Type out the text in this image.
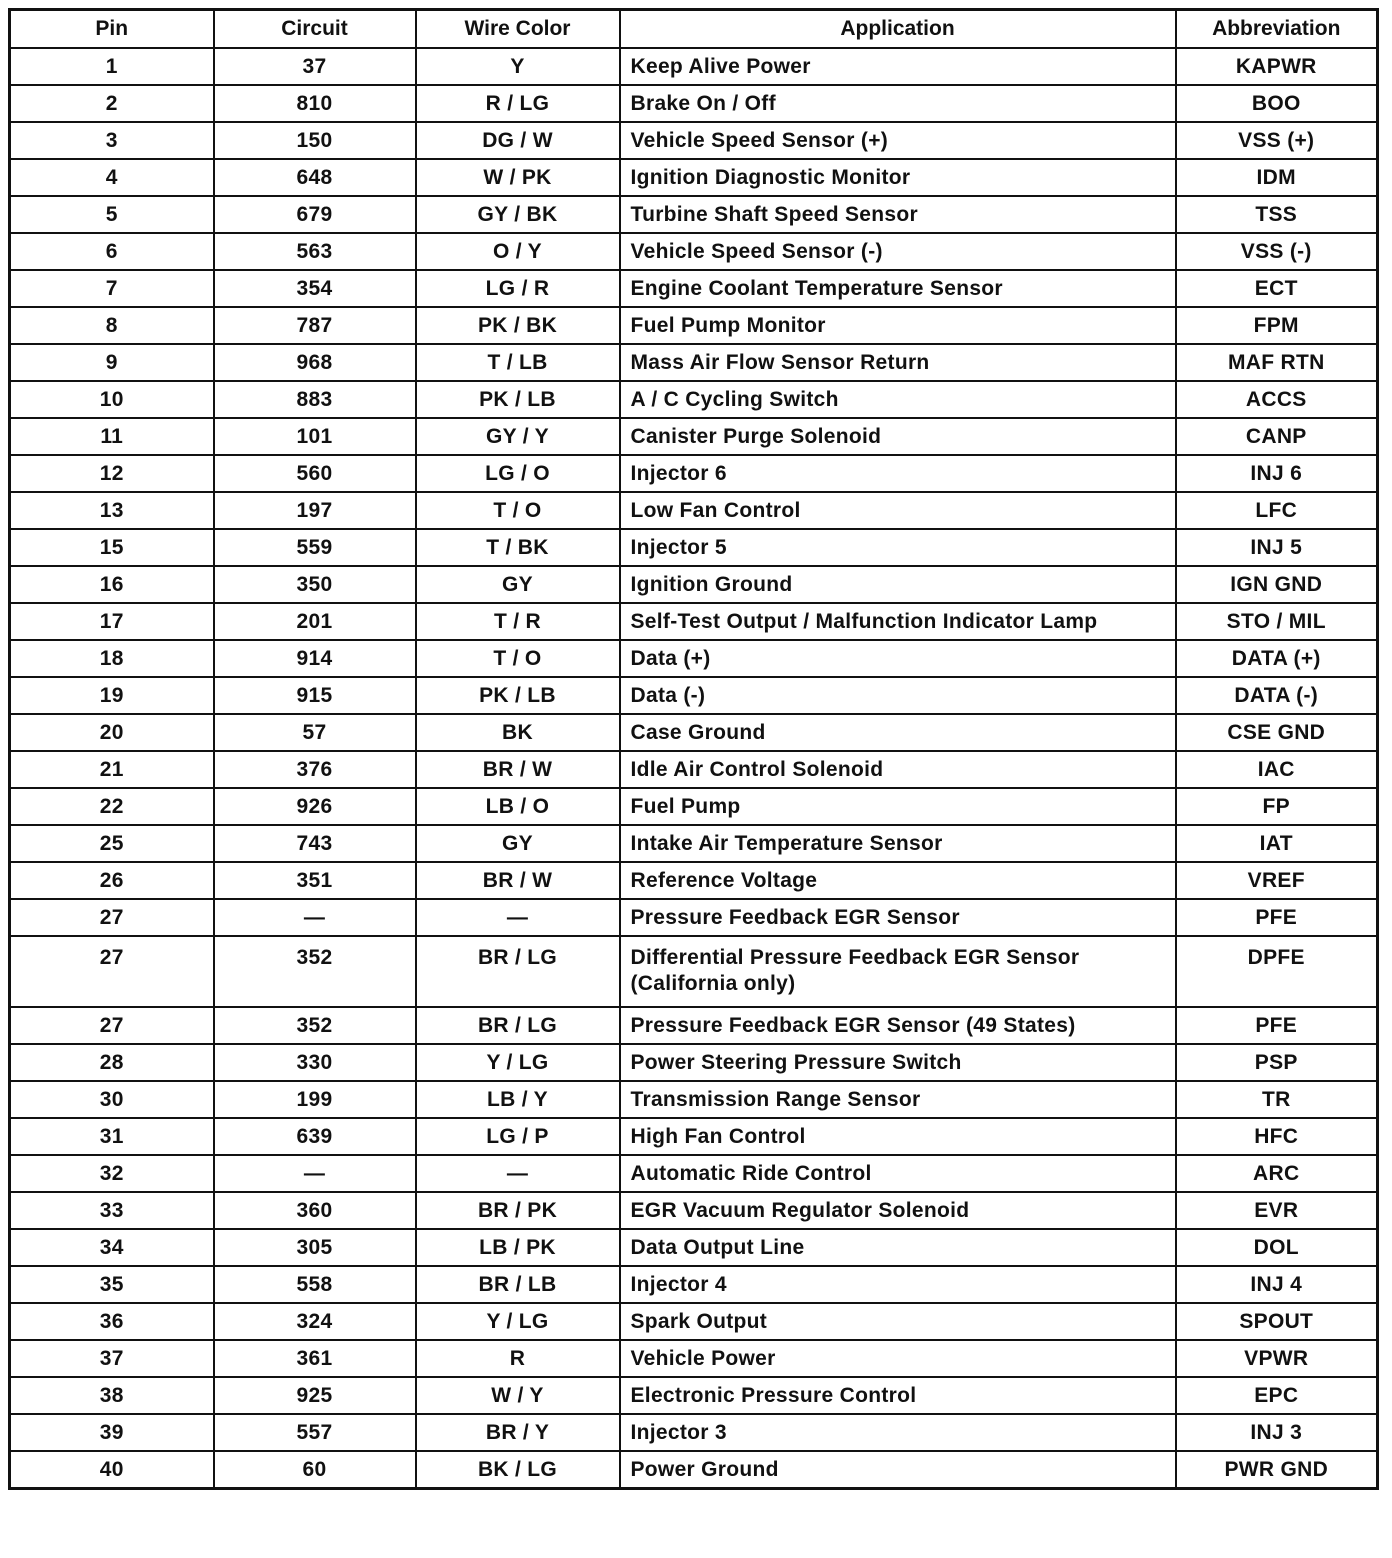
Pin	Circuit	Wire Color	Application	Abbreviation
1	37	Y	Keep Alive Power	KAPWR
2	810	R / LG	Brake On / Off	BOO
3	150	DG / W	Vehicle Speed Sensor (+)	VSS (+)
4	648	W / PK	Ignition Diagnostic Monitor	IDM
5	679	GY / BK	Turbine Shaft Speed Sensor	TSS
6	563	O / Y	Vehicle Speed Sensor (-)	VSS (-)
7	354	LG / R	Engine Coolant Temperature Sensor	ECT
8	787	PK / BK	Fuel Pump Monitor	FPM
9	968	T / LB	Mass Air Flow Sensor Return	MAF RTN
10	883	PK / LB	A / C Cycling Switch	ACCS
11	101	GY / Y	Canister Purge Solenoid	CANP
12	560	LG / O	Injector 6	INJ 6
13	197	T / O	Low Fan Control	LFC
15	559	T / BK	Injector 5	INJ 5
16	350	GY	Ignition Ground	IGN GND
17	201	T / R	Self-Test Output / Malfunction Indicator Lamp	STO / MIL
18	914	T / O	Data (+)	DATA (+)
19	915	PK / LB	Data (-)	DATA (-)
20	57	BK	Case Ground	CSE GND
21	376	BR / W	Idle Air Control Solenoid	IAC
22	926	LB / O	Fuel Pump	FP
25	743	GY	Intake Air Temperature Sensor	IAT
26	351	BR / W	Reference Voltage	VREF
27	—	—	Pressure Feedback EGR Sensor	PFE
27	352	BR / LG	Differential Pressure Feedback EGR Sensor (California only)	DPFE
27	352	BR / LG	Pressure Feedback EGR Sensor (49 States)	PFE
28	330	Y / LG	Power Steering Pressure Switch	PSP
30	199	LB / Y	Transmission Range Sensor	TR
31	639	LG / P	High Fan Control	HFC
32	—	—	Automatic Ride Control	ARC
33	360	BR / PK	EGR Vacuum Regulator Solenoid	EVR
34	305	LB / PK	Data Output Line	DOL
35	558	BR / LB	Injector 4	INJ 4
36	324	Y / LG	Spark Output	SPOUT
37	361	R	Vehicle Power	VPWR
38	925	W / Y	Electronic Pressure Control	EPC
39	557	BR / Y	Injector 3	INJ 3
40	60	BK / LG	Power Ground	PWR GND
